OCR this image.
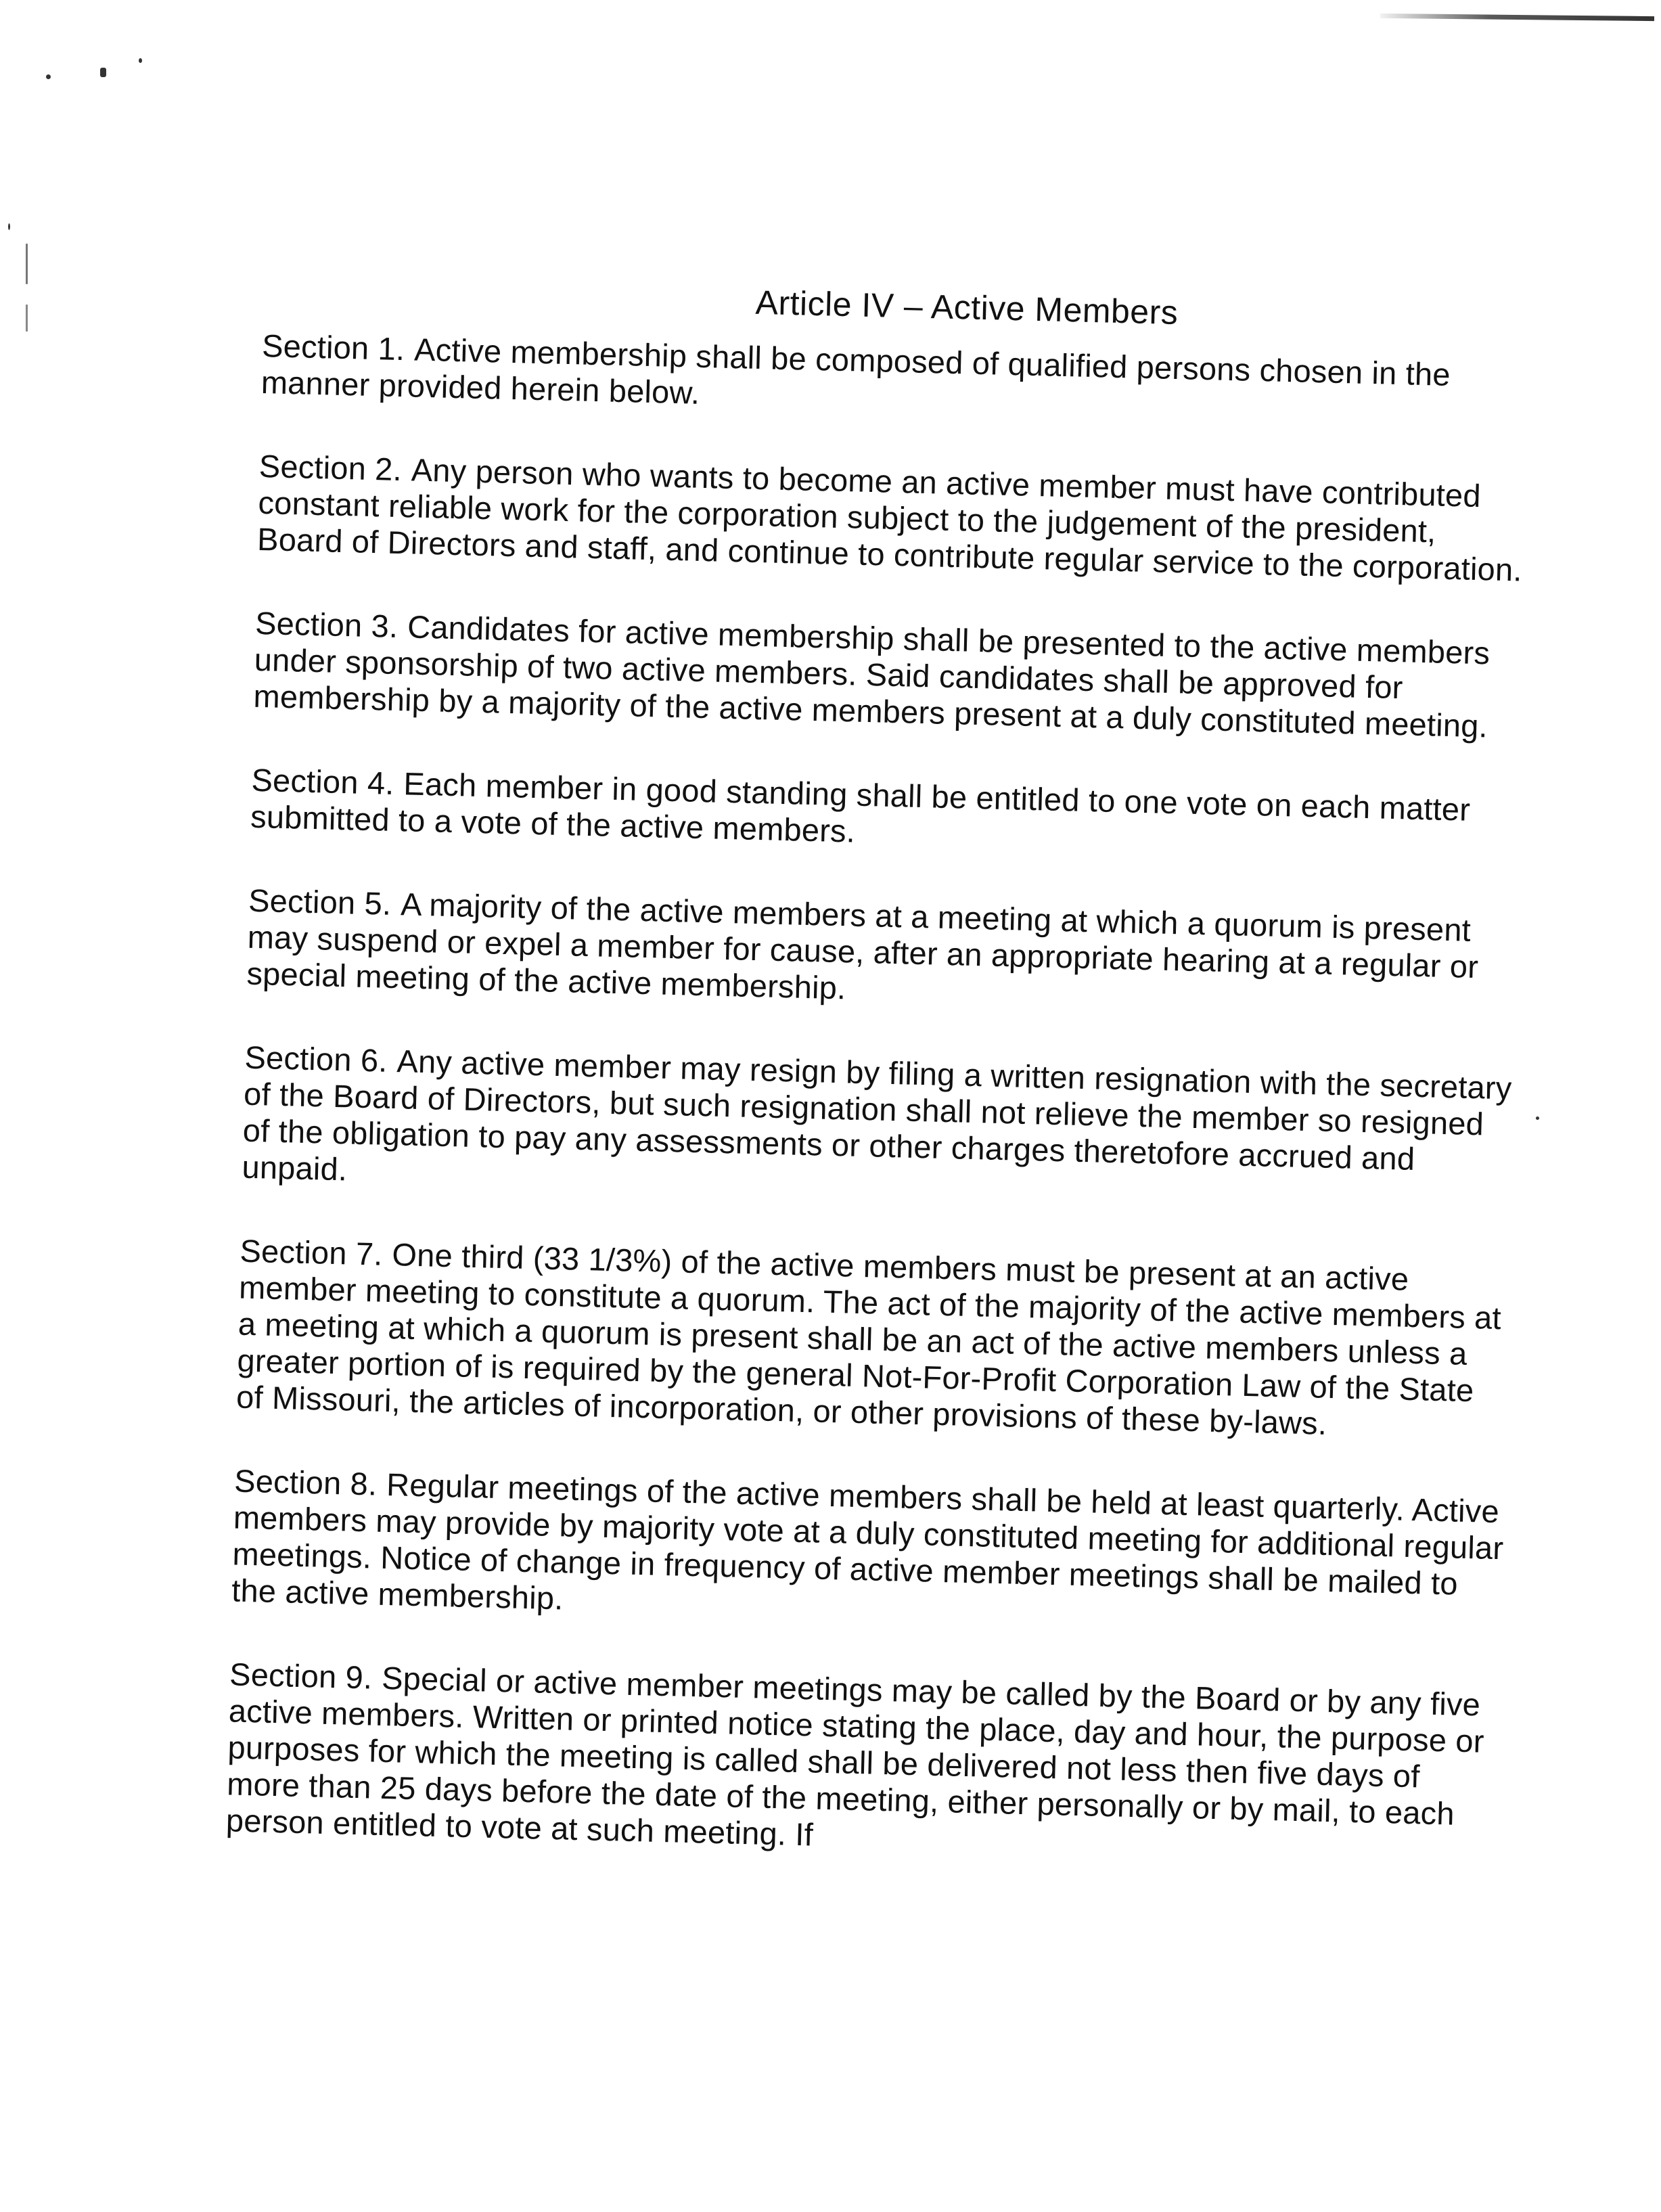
Article IV – Active Members

Section 1. Active membership shall be composed of qualified persons chosen in the manner provided herein below.

Section 2. Any person who wants to become an active member must have contributed constant reliable work for the corporation subject to the judgement of the president, Board of Directors and staff, and continue to contribute regular service to the corporation.

Section 3. Candidates for active membership shall be presented to the active members under sponsorship of two active members. Said candidates shall be approved for membership by a majority of the active members present at a duly constituted meeting.

Section 4. Each member in good standing shall be entitled to one vote on each matter submitted to a vote of the active members.

Section 5. A majority of the active members at a meeting at which a quorum is present may suspend or expel a member for cause, after an appropriate hearing at a regular or special meeting of the active membership.

Section 6. Any active member may resign by filing a written resignation with the secretary of the Board of Directors, but such resignation shall not relieve the member so resigned of the obligation to pay any assessments or other charges theretofore accrued and unpaid.

Section 7. One third (33 1/3%) of the active members must be present at an active member meeting to constitute a quorum. The act of the majority of the active members at a meeting at which a quorum is present shall be an act of the active members unless a greater portion of is required by the general Not-For-Profit Corporation Law of the State of Missouri, the articles of incorporation, or other provisions of these by-laws.

Section 8. Regular meetings of the active members shall be held at least quarterly. Active members may provide by majority vote at a duly constituted meeting for additional regular meetings. Notice of change in frequency of active member meetings shall be mailed to the active membership.

Section 9. Special or active member meetings may be called by the Board or by any five active members. Written or printed notice stating the place, day and hour, the purpose or purposes for which the meeting is called shall be delivered not less then five days of more than 25 days before the date of the meeting, either personally or by mail, to each person entitled to vote at such meeting. If
